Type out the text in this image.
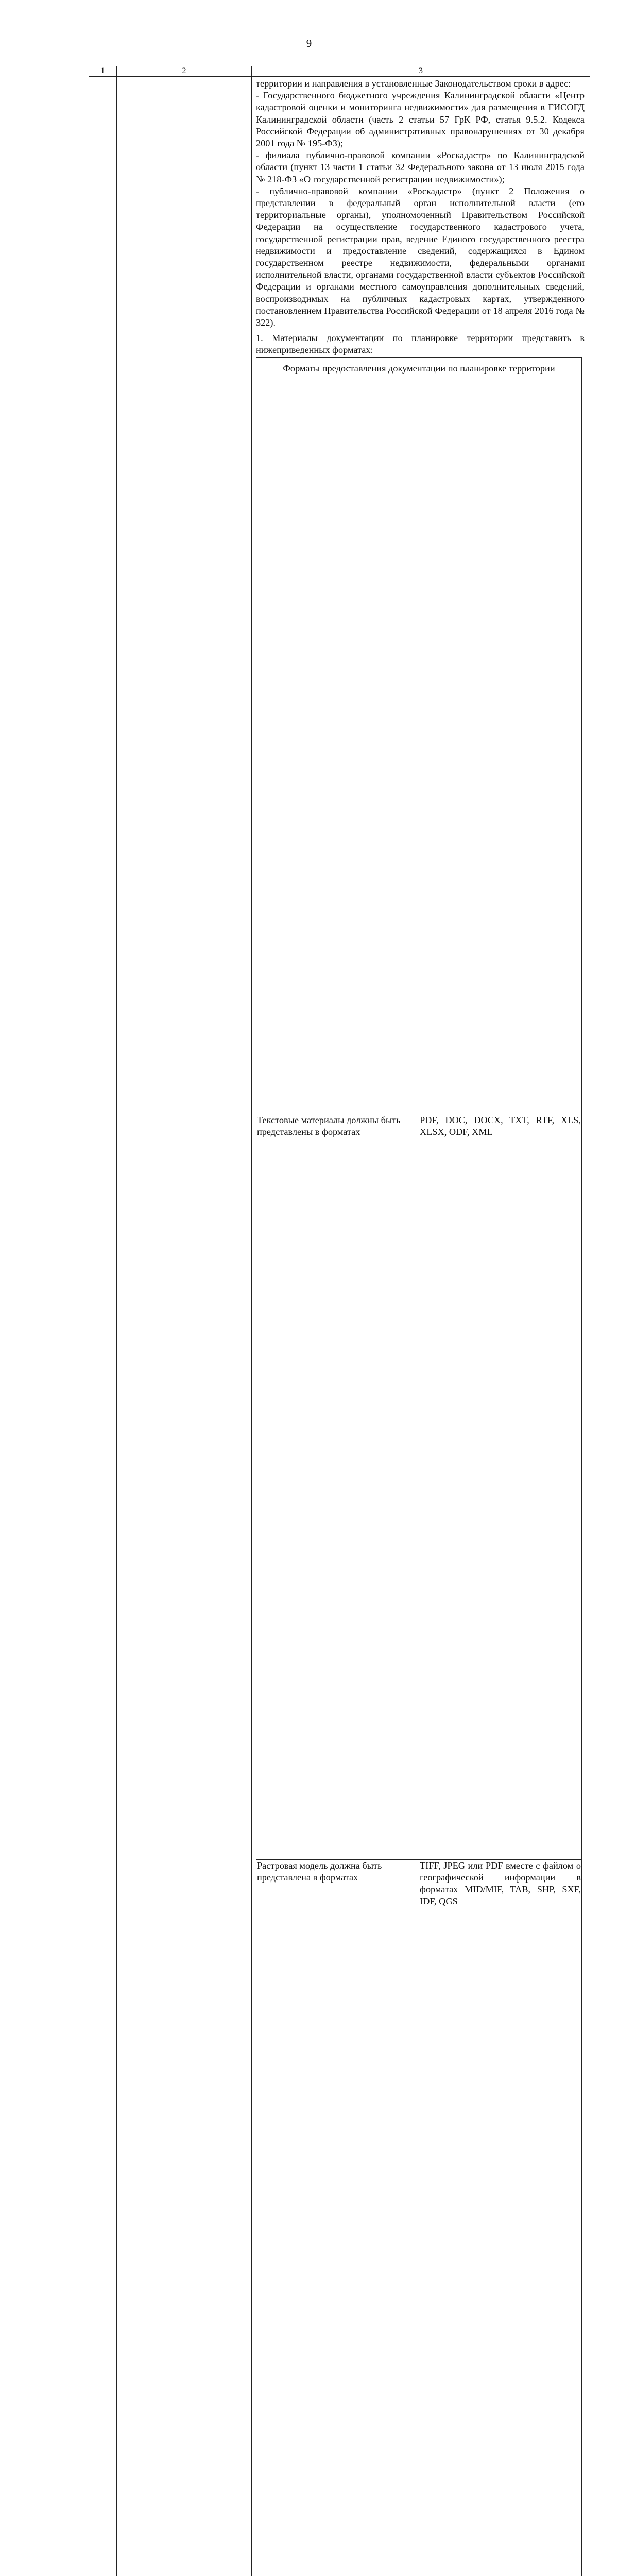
9
1	2	3

территории и направления в установленные Законодательством сроки в адрес:

- Государственного бюджетного учреждения Калининградской области «Центр кадастровой оценки и мониторинга недвижимости» для размещения в ГИСОГД Калининградской области (часть 2 статьи 57 ГрК РФ, статья 9.5.2. Кодекса Российской Федерации об административных правонарушениях от 30 декабря 2001 года № 195-ФЗ);

- филиала публично-правовой компании «Роскадастр» по Калининградской области (пункт 13 части 1 статьи 32 Федерального закона от 13 июля 2015 года № 218-ФЗ «О государственной регистрации недвижимости»);

- публично-правовой компании «Роскадастр» (пункт 2 Положения о представлении в федеральный орган исполнительной власти (его территориальные органы), уполномоченный Правительством Российской Федерации на осуществление государственного кадастрового учета, государственной регистрации прав, ведение Единого государственного реестра недвижимости и предоставление сведений, содержащихся в Едином государственном реестре недвижимости, федеральными органами исполнительной власти, органами государственной власти субъектов Российской Федерации и органами местного самоуправления дополнительных сведений, воспроизводимых на публичных кадастровых картах, утвержденного постановлением Правительства Российской Федерации от 18 апреля 2016 года № 322).

1. Материалы документации по планировке территории представить в нижеприведенных форматах:

Форматы предоставления документации по планировке территории
Текстовые материалы должны быть представлены в форматах	PDF, DOC, DOCX, TXT, RTF, XLS, XLSX, ODF, XML
Растровая модель должна быть представлена в форматах	TIFF, JPEG или PDF вместе с файлом о географической информации в форматах MID/MIF, TAB, SHP, SXF, IDF, QGS
